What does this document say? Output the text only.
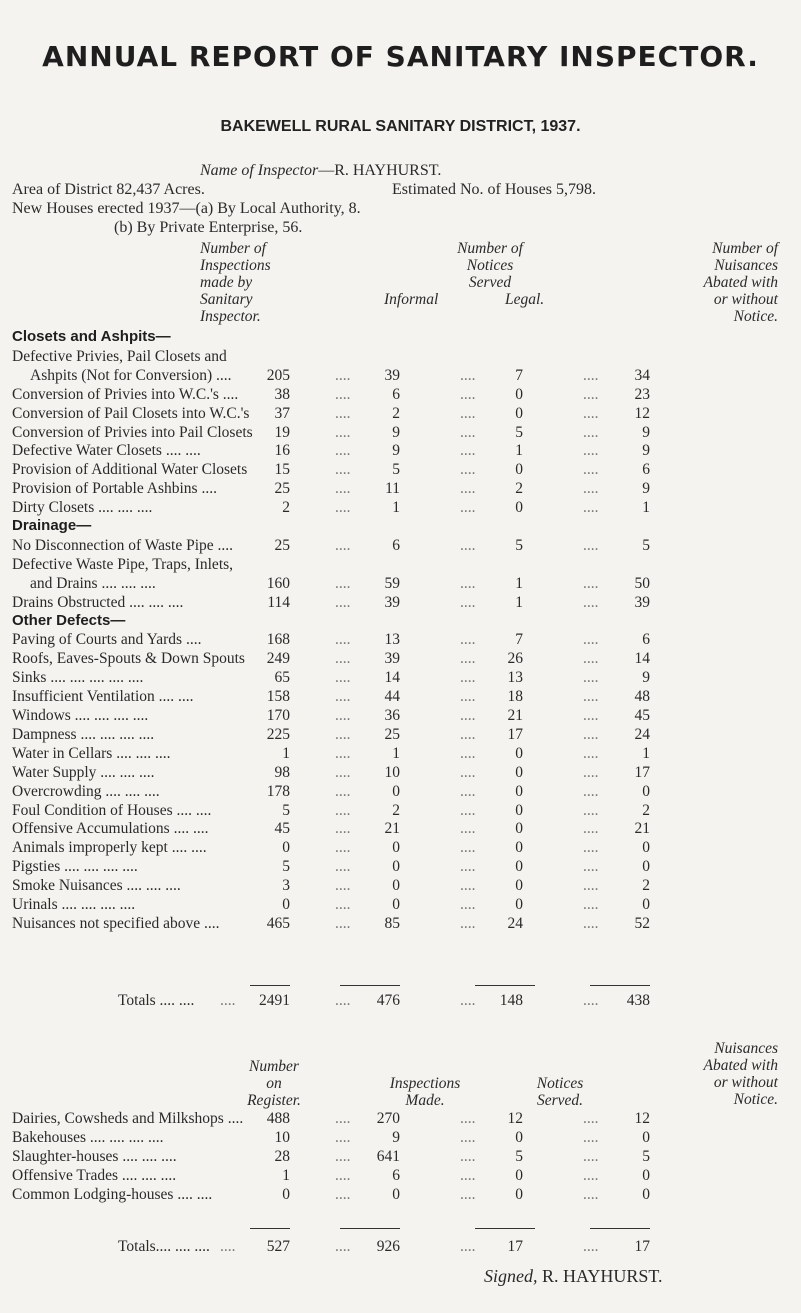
ANNUAL REPORT OF SANITARY INSPECTOR.
BAKEWELL RURAL SANITARY DISTRICT, 1937.
Name of Inspector—R. HAYHURST.
Area of District 82,437 Acres.	Estimated No. of Houses 5,798.
New Houses erected 1937—(a) By Local Authority, 8.
(b) By Private Enterprise, 56.
Number of
Inspections
made by
Sanitary
Inspector.
Number of
Notices
Served
Informal	Legal.
Number of
Nuisances
Abated with
or without
Notice.
Closets and Ashpits—
Defective Privies, Pail Closets and
Ashpits (Not for Conversion) ....	205	....	39	....	7	....	34
Conversion of Privies into W.C.'s ....	38	....	6	....	0	....	23
Conversion of Pail Closets into W.C.'s	37	....	2	....	0	....	12
Conversion of Privies into Pail Closets	19	....	9	....	5	....	9
Defective Water Closets .... ....	16	....	9	....	1	....	9
Provision of Additional Water Closets	15	....	5	....	0	....	6
Provision of Portable Ashbins ....	25	....	11	....	2	....	9
Dirty Closets .... .... ....	2	....	1	....	0	....	1
Drainage—
No Disconnection of Waste Pipe ....	25	....	6	....	5	....	5
Defective Waste Pipe, Traps, Inlets,
and Drains .... .... ....	160	....	59	....	1	....	50
Drains Obstructed .... .... ....	114	....	39	....	1	....	39
Other Defects—
Paving of Courts and Yards ....	168	....	13	....	7	....	6
Roofs, Eaves-Spouts & Down Spouts	249	....	39	....	26	....	14
Sinks .... .... .... .... ....	65	....	14	....	13	....	9
Insufficient Ventilation .... ....	158	....	44	....	18	....	48
Windows .... .... .... ....	170	....	36	....	21	....	45
Dampness .... .... .... ....	225	....	25	....	17	....	24
Water in Cellars .... .... ....	1	....	1	....	0	....	1
Water Supply .... .... ....	98	....	10	....	0	....	17
Overcrowding .... .... ....	178	....	0	....	0	....	0
Foul Condition of Houses .... ....	5	....	2	....	0	....	2
Offensive Accumulations .... ....	45	....	21	....	0	....	21
Animals improperly kept .... ....	0	....	0	....	0	....	0
Pigsties .... .... .... ....	5	....	0	....	0	....	0
Smoke Nuisances .... .... ....	3	....	0	....	0	....	2
Urinals .... .... .... ....	0	....	0	....	0	....	0
Nuisances not specified above ....	465	....	85	....	24	....	52
Totals .... .... ....	2491	....	476	....	148	....	438
Number
on
Register.
Inspections
Made.
Notices
Served.
Nuisances
Abated with
or without
Notice.
Dairies, Cowsheds and Milkshops ....	488	....	270	....	12	....	12
Bakehouses .... .... .... ....	10	....	9	....	0	....	0
Slaughter-houses .... .... ....	28	....	641	....	5	....	5
Offensive Trades .... .... ....	1	....	6	....	0	....	0
Common Lodging-houses .... ....	0	....	0	....	0	....	0
Totals.... .... .... ....	527	....	926	....	17	....	17
Signed, R. HAYHURST.
